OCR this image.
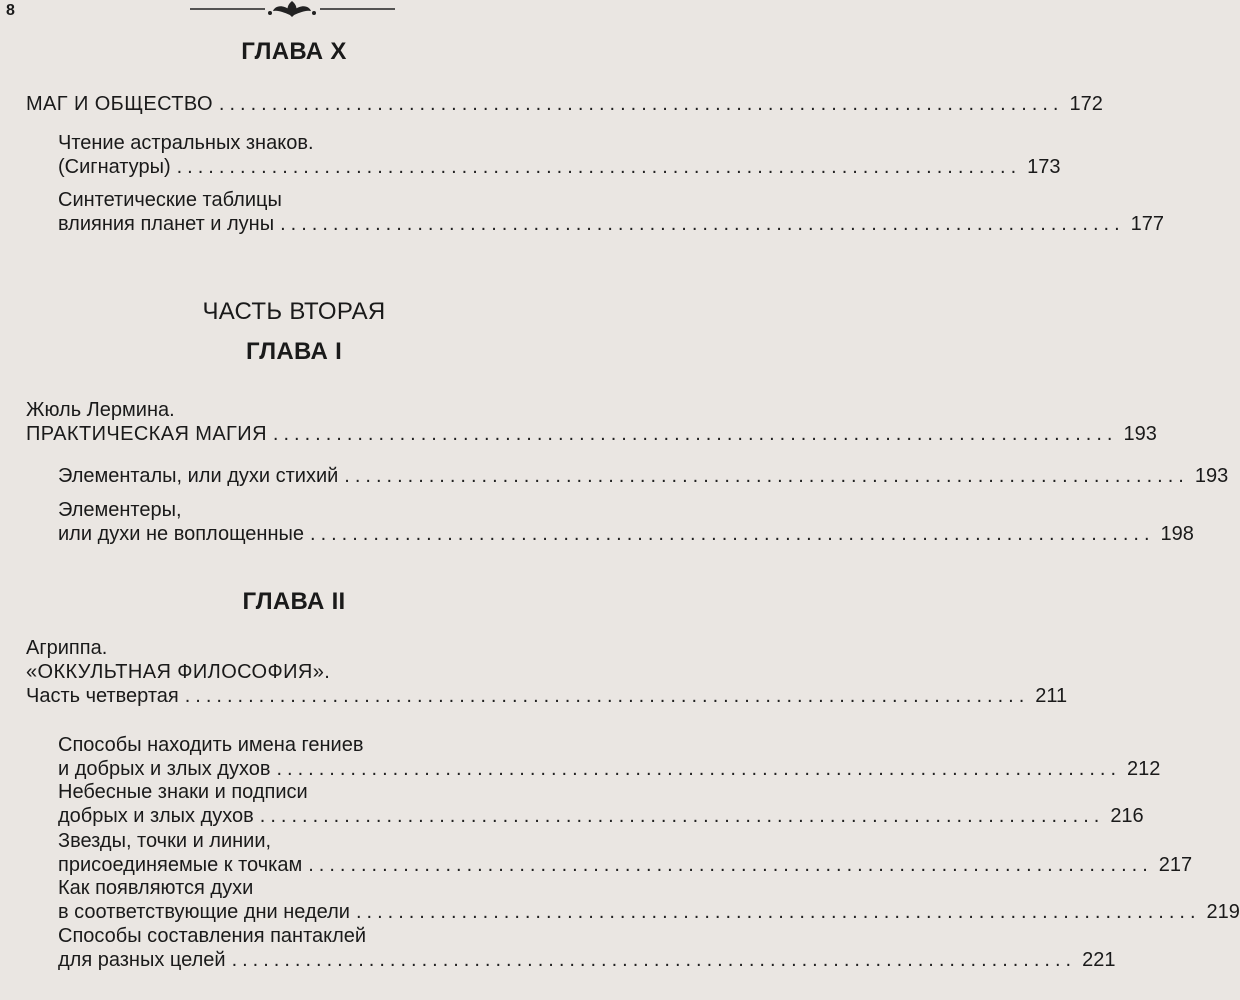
8
ГЛАВА X
МАГ И ОБЩЕСТВО ................................................................................ 172
Чтение астральных знаков.
(Сигнатуры) ................................................................................ 173
Синтетические таблицы
влияния планет и луны ................................................................................ 177
ЧАСТЬ ВТОРАЯ
ГЛАВА I
Жюль Лермина.
ПРАКТИЧЕСКАЯ МАГИЯ ................................................................................ 193
Элементалы, или духи стихий ................................................................................ 193
Элементеры,
или духи не воплощенные ................................................................................ 198
ГЛАВА II
Агриппа.
«ОККУЛЬТНАЯ ФИЛОСОФИЯ».
Часть четвертая ................................................................................ 211
Способы находить имена гениев
и добрых и злых духов ................................................................................ 212
Небесные знаки и подписи
добрых и злых духов ................................................................................ 216
Звезды, точки и линии,
присоединяемые к точкам ................................................................................ 217
Как появляются духи
в соответствующие дни недели ................................................................................ 219
Способы составления пантаклей
для разных целей ................................................................................ 221
